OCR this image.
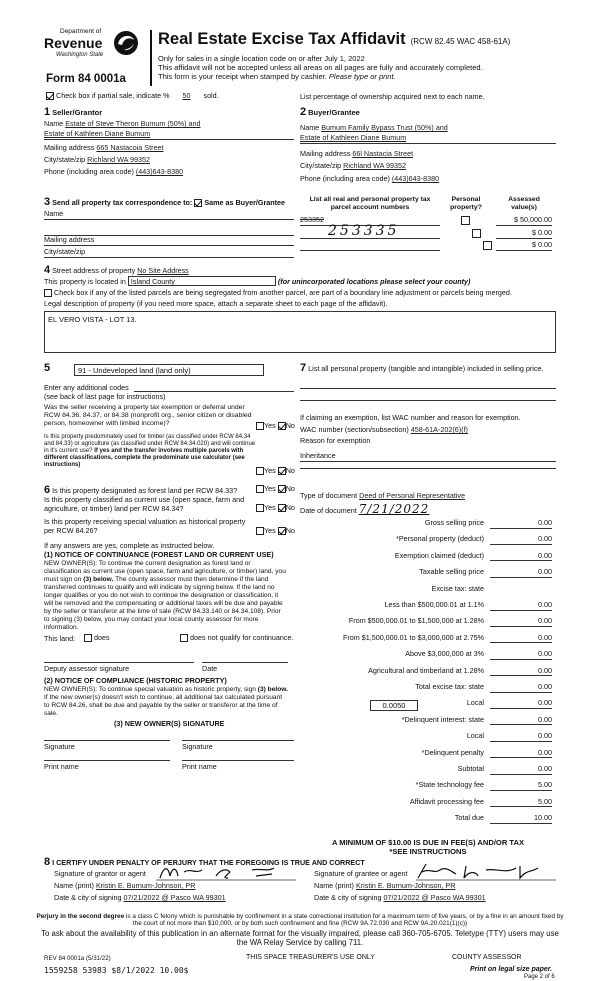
Department of
Revenue
Washington State
Form 84 0001a
Real Estate Excise Tax Affidavit (RCW 82.45 WAC 458-61A)
Only for sales in a single location code on or after July 1, 2022
This affidavit will not be accepted unless all areas on all pages are fully and accurately completed.
This form is your receipt when stamped by cashier. Please type or print.
Check box if partial sale, indicate % 50 sold.	List percentage of ownership acquired next to each name.
1 Seller/Grantor
Name Estate of Steve Theron Bumum (50%) and
Estate of Kathleen Diane Bumum
Mailing address 665 Nastacoia Street
City/state/zip Richland WA 99352
Phone (including area code) (443)643-8380
2 Buyer/Grantee
Name Bumum Family Bypass Trust (50%) and
Estate of Kathleen Diane Bumum
Mailing address 66l Nastacia Street
City/state/zip Richland WA 99352
Phone (including area code) (443)643-8380
3 Send all property tax correspondence to: Same as Buyer/Grantee
Name
Mailing address
City/state/zip
List all real and personal property tax parcel account numbers
Personal property?
Assessed value(s)
253352
253335

$ 50,000.00
$ 0.00
$ 0.00
4 Street address of property No Site Address
This property is located in Island County	(for unincorporated locations please select your county)
Check box if any of the listed parcels are being segregated from another parcel, are part of a boundary line adjustment or parcels being merged.
Legal description of property (if you need more space, attach a separate sheet to each page of the affidavit).
EL VERO VISTA - LOT 13.
5	91 - Undeveloped land (land only)
Enter any additional codes
(see back of last page for instructions)
Was the seller receiving a property tax exemption or deferral under RCW 84.36, 84.37, or 84.38 (nonprofit org., senior citizen or disabled person, homeowner with limited income)?	Yes No
Is this property predominately used for timber (as classified under RCW 84.34 and 84.33) or agriculture (as classified under RCW 84.34.020) and will continue in it's current use? If yes and the transfer involves multiple parcels with different classifications, complete the predominate use calculator (see instructions)
Yes No
6 Is this property designated as forest land per RCW 84.33?	Yes No
Is this property classified as current use (open space, farm and agriculture, or timber) land per RCW 84.34?	Yes No
Is this property receiving special valuation as historical property per RCW 84.26?	Yes No
If any answers are yes, complete as instructed below.
(1) NOTICE OF CONTINUANCE (FOREST LAND OR CURRENT USE)
NEW OWNER(S): To continue the current designation as forest land or classification as current use (open space, farm and agriculture, or timber) land, you must sign on (3) below. The county assessor must then determine if the land transferred continues to qualify and will indicate by signing below. If the land no longer qualifies or you do not wish to continue the designation or classification, it will be removed and the compensating or additional taxes will be due and payable by the seller or transferor at the time of sale (RCW 84.33.140 or 84.34.108). Prior to signing (3) below, you may contact your local county assessor for more information.
This land:	does	does not qualify for continuance.
Deputy assessor signature	Date
(2) NOTICE OF COMPLIANCE (HISTORIC PROPERTY)
NEW OWNER(S): To continue special valuation as historic property, sign (3) below. If the new owner(s) doesn't wish to continue, all additional tax calculated pursuant to RCW 84.26, shall be due and payable by the seller or transferor at the time of sale.
(3) NEW OWNER(S) SIGNATURE
Signature	Signature
Print name	Print name
7 List all personal property (tangible and intangible) included in selling price.
If claiming an exemption, list WAC number and reason for exemption.
WAC number (section/subsection) 458-61A-202(6)(f)
Reason for exemption
Inheritance
Type of document Deed of Personal Representative
Date of document 7/21/2022
Gross selling price	0.00
*Personal property (deduct)	0.00
Exemption claimed (deduct)	0.00
Taxable selling price	0.00
Excise tax: state
Less than $500,000.01 at 1.1%	0.00
From $500,000.01 to $1,500,000 at 1.28%	0.00
From $1,500,000.01 to $3,000,000 at 2.75%	0.00
Above $3,000,000 at 3%	0.00
Agricultural and timberland at 1.28%	0.00
Total excise tax: state	0.00
Local	0.00
*Delinquent interest: state	0.00
Local	0.00
*Delinquent penalty	0.00
Subtotal	0.00
*State technology fee	5.00
Affidavit processing fee	5.00
Total due	10.00
0.0050
A MINIMUM OF $10.00 IS DUE IN FEE(S) AND/OR TAX
*SEE INSTRUCTIONS
8 I CERTIFY UNDER PENALTY OF PERJURY THAT THE FOREGOING IS TRUE AND CORRECT
Signature of grantor or agent
Name (print) Kristin E. Burnum-Johnson, PR
Date & city of signing 07/21/2022 @ Pasco WA 99301
Signature of grantee or agent
Name (print) Kristin E. Burnum-Johnson, PR
Date & city of signing 07/21/2022 @ Pasco WA 99301
Perjury in the second degree is a class C felony which is punishable by confinement in a state correctional institution for a maximum term of five years, or by a fine in an amount fixed by the court of not more than $10,000, or by both such confinement and fine (RCW 9A.72.030 and RCW 9A.20.021(1)(c))
To ask about the availability of this publication in an alternate format for the visually impaired, please call 360-705-6705. Teletype (TTY) users may use the WA Relay Service by calling 711.
REV 84 0001a (5/31/22)	THIS SPACE TREASURER'S USE ONLY	COUNTY ASSESSOR
Print on legal size paper.
Page 2 of 6
1559258 53983 $8/1/2022 10.00$
